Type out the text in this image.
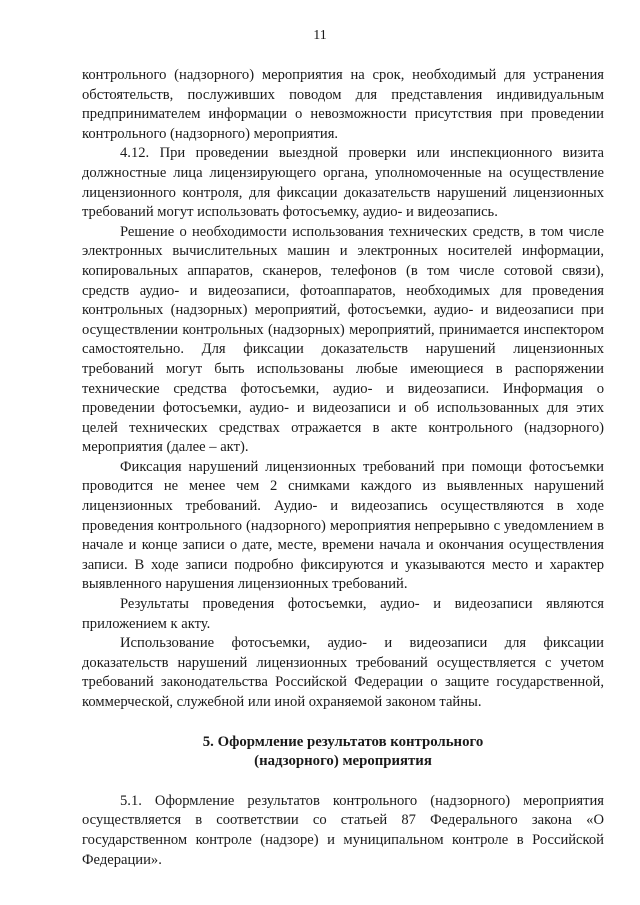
11

контрольного (надзорного) мероприятия на срок, необходимый для устранения обстоятельств, послуживших поводом для представления индивидуальным предпринимателем информации о невозможности присутствия при проведении контрольного (надзорного) мероприятия.

4.12. При проведении выездной проверки или инспекционного визита должностные лица лицензирующего органа, уполномоченные на осуществление лицензионного контроля, для фиксации доказательств нарушений лицензионных требований могут использовать фотосъемку, аудио- и видеозапись.

Решение о необходимости использования технических средств, в том числе электронных вычислительных машин и электронных носителей информации, копировальных аппаратов, сканеров, телефонов (в том числе сотовой связи), средств аудио- и видеозаписи, фотоаппаратов, необходимых для проведения контрольных (надзорных) мероприятий, фотосъемки, аудио- и видеозаписи при осуществлении контрольных (надзорных) мероприятий, принимается инспектором самостоятельно. Для фиксации доказательств нарушений лицензионных требований могут быть использованы любые имеющиеся в распоряжении технические средства фотосъемки, аудио- и видеозаписи. Информация о проведении фотосъемки, аудио- и видеозаписи и об использованных для этих целей технических средствах отражается в акте контрольного (надзорного) мероприятия (далее – акт).

Фиксация нарушений лицензионных требований при помощи фотосъемки проводится не менее чем 2 снимками каждого из выявленных нарушений лицензионных требований. Аудио- и видеозапись осуществляются в ходе проведения контрольного (надзорного) мероприятия непрерывно с уведомлением в начале и конце записи о дате, месте, времени начала и окончания осуществления записи. В ходе записи подробно фиксируются и указываются место и характер выявленного нарушения лицензионных требований.

Результаты проведения фотосъемки, аудио- и видеозаписи являются приложением к акту.

Использование фотосъемки, аудио- и видеозаписи для фиксации доказательств нарушений лицензионных требований осуществляется с учетом требований законодательства Российской Федерации о защите государственной, коммерческой, служебной или иной охраняемой законом тайны.

5. Оформление результатов контрольного
(надзорного) мероприятия

5.1. Оформление результатов контрольного (надзорного) мероприятия осуществляется в соответствии со статьей 87 Федерального закона «О государственном контроле (надзоре) и муниципальном контроле в Российской Федерации».
